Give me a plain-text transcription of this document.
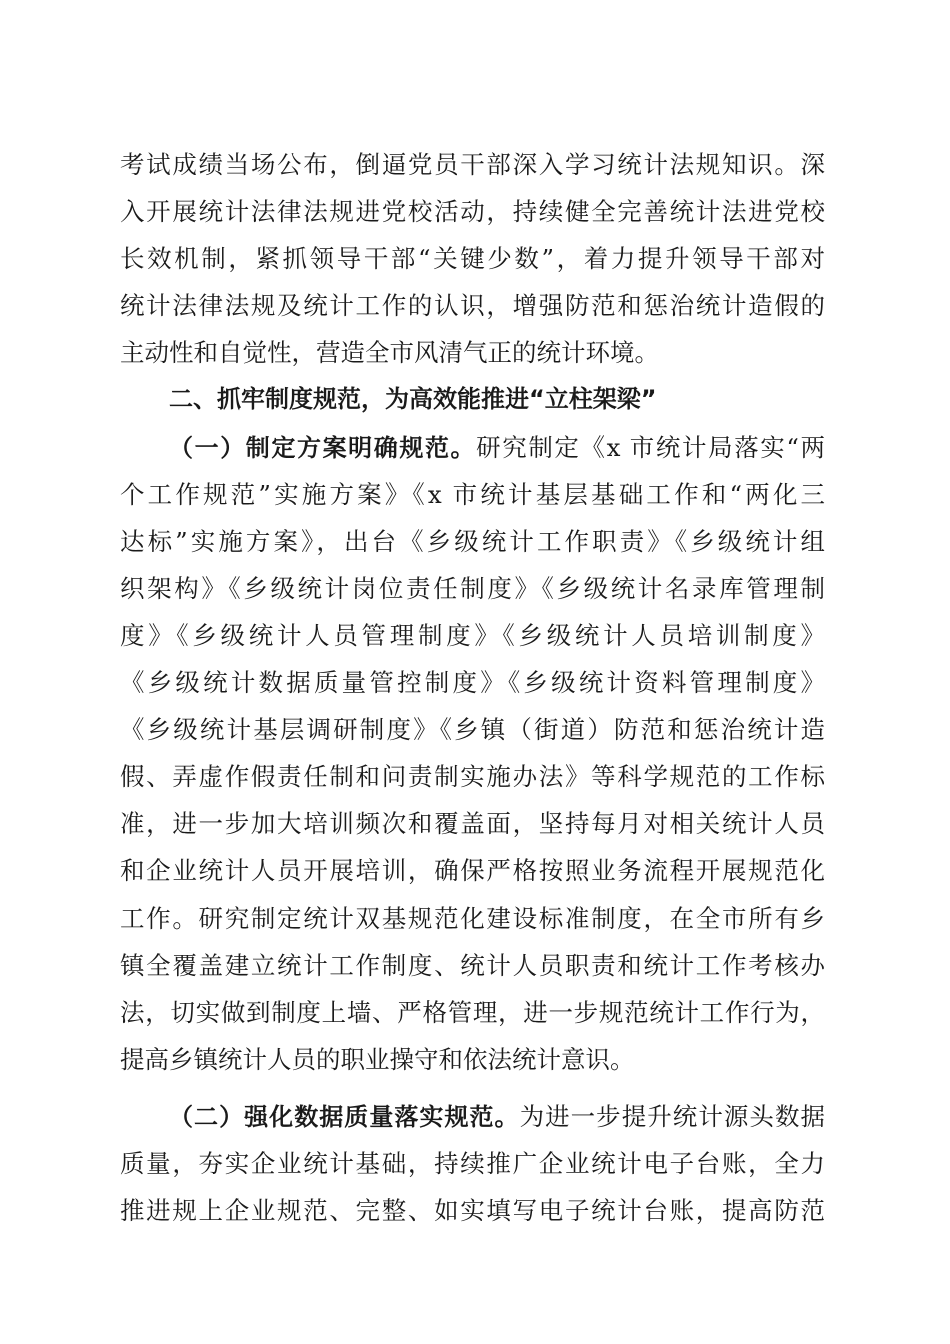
考试成绩当场公布，倒逼党员干部深入学习统计法规知识。深
入开展统计法律法规进党校活动，持续健全完善统计法进党校
长效机制，紧抓领导干部“关键少数”，着力提升领导干部对
统计法律法规及统计工作的认识，增强防范和惩治统计造假的
主动性和自觉性，营造全市风清气正的统计环境。
二、抓牢制度规范，为高效能推进“立柱架梁”
（一）制定方案明确规范。研究制定《x 市统计局落实“两
个工作规范”实施方案》《x 市统计基层基础工作和“两化三
达标”实施方案》，出台《乡级统计工作职责》《乡级统计组
织架构》《乡级统计岗位责任制度》《乡级统计名录库管理制
度》《乡级统计人员管理制度》《乡级统计人员培训制度》
《乡级统计数据质量管控制度》《乡级统计资料管理制度》
《乡级统计基层调研制度》《乡镇（街道）防范和惩治统计造
假、弄虚作假责任制和问责制实施办法》等科学规范的工作标
准，进一步加大培训频次和覆盖面，坚持每月对相关统计人员
和企业统计人员开展培训，确保严格按照业务流程开展规范化
工作。研究制定统计双基规范化建设标准制度，在全市所有乡
镇全覆盖建立统计工作制度、统计人员职责和统计工作考核办
法，切实做到制度上墙、严格管理，进一步规范统计工作行为，
提高乡镇统计人员的职业操守和依法统计意识。
（二）强化数据质量落实规范。为进一步提升统计源头数据
质量，夯实企业统计基础，持续推广企业统计电子台账，全力
推进规上企业规范、完整、如实填写电子统计台账，提高防范
